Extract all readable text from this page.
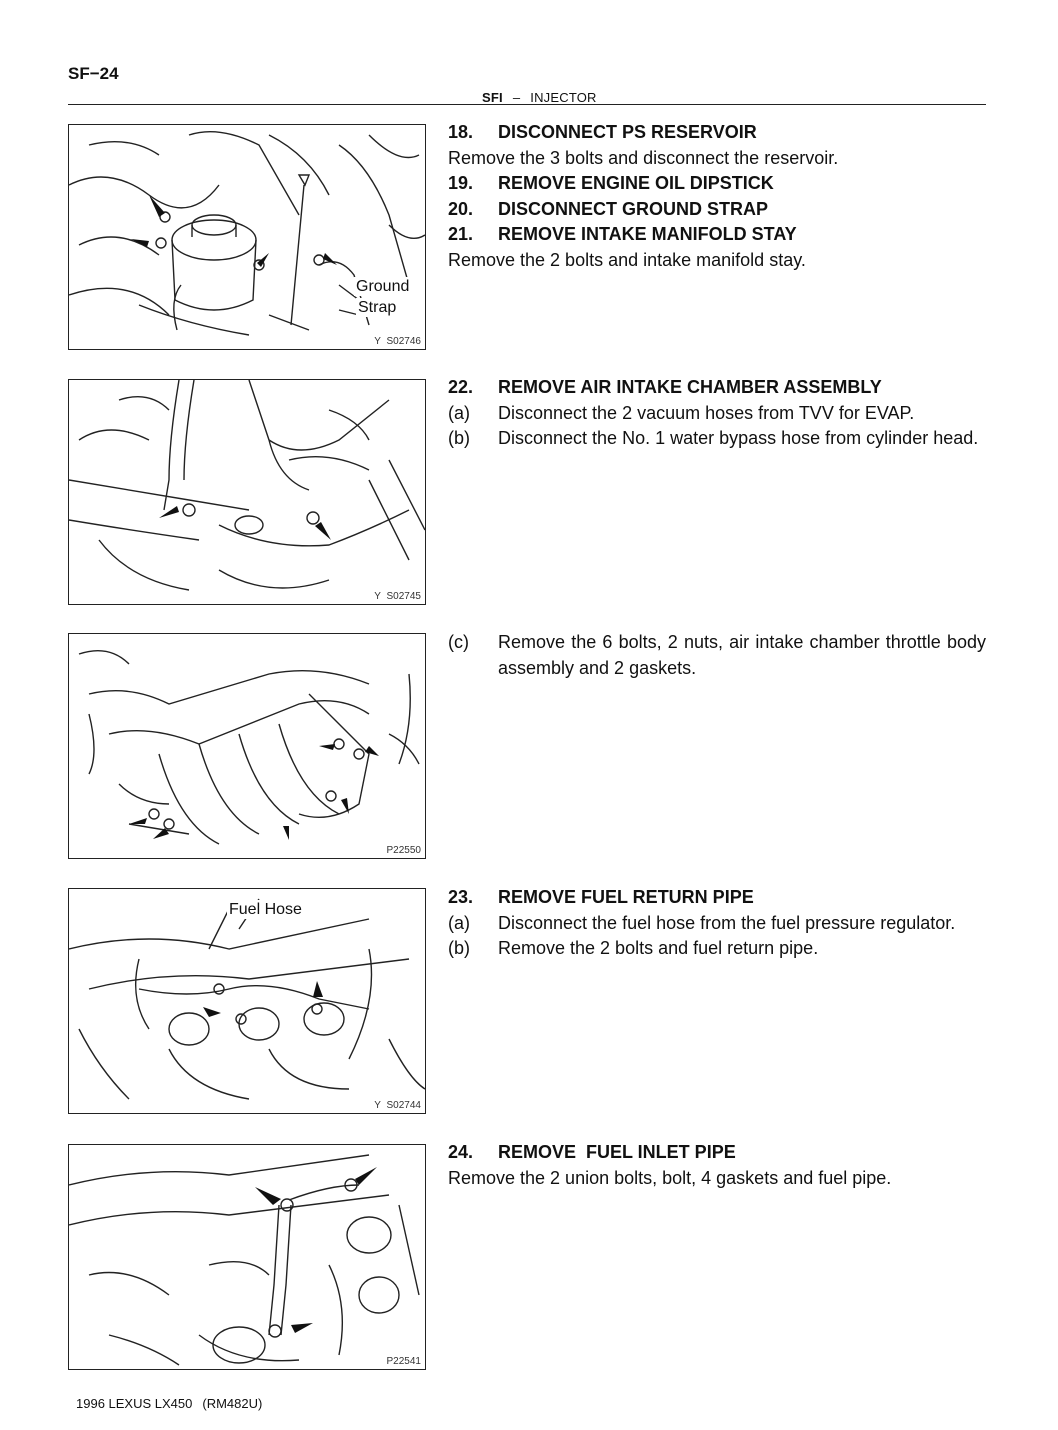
SF−24
SFI – INJECTOR
Ground
Strap
Y S02746
Y S02745
P22550
Fuel Hose
Y S02744
P22541
18.	DISCONNECT PS RESERVOIR
Remove the 3 bolts and disconnect the reservoir.
19.	REMOVE ENGINE OIL DIPSTICK
20.	DISCONNECT GROUND STRAP
21.	REMOVE INTAKE MANIFOLD STAY
Remove the 2 bolts and intake manifold stay.
22.	REMOVE AIR INTAKE CHAMBER ASSEMBLY
(a)	Disconnect the 2 vacuum hoses from TVV for EVAP.
(b)	Disconnect the No. 1 water bypass hose from cylinder head.
(c)	Remove the 6 bolts, 2 nuts, air intake chamber throttle body assembly and 2 gaskets.
23.	REMOVE FUEL RETURN PIPE
(a)	Disconnect the fuel hose from the fuel pressure regulator.
(b)	Remove the 2 bolts and fuel return pipe.
24.	REMOVE  FUEL INLET PIPE
Remove the 2 union bolts, bolt, 4 gaskets and fuel pipe.
1996 LEXUS LX450 (RM482U)
